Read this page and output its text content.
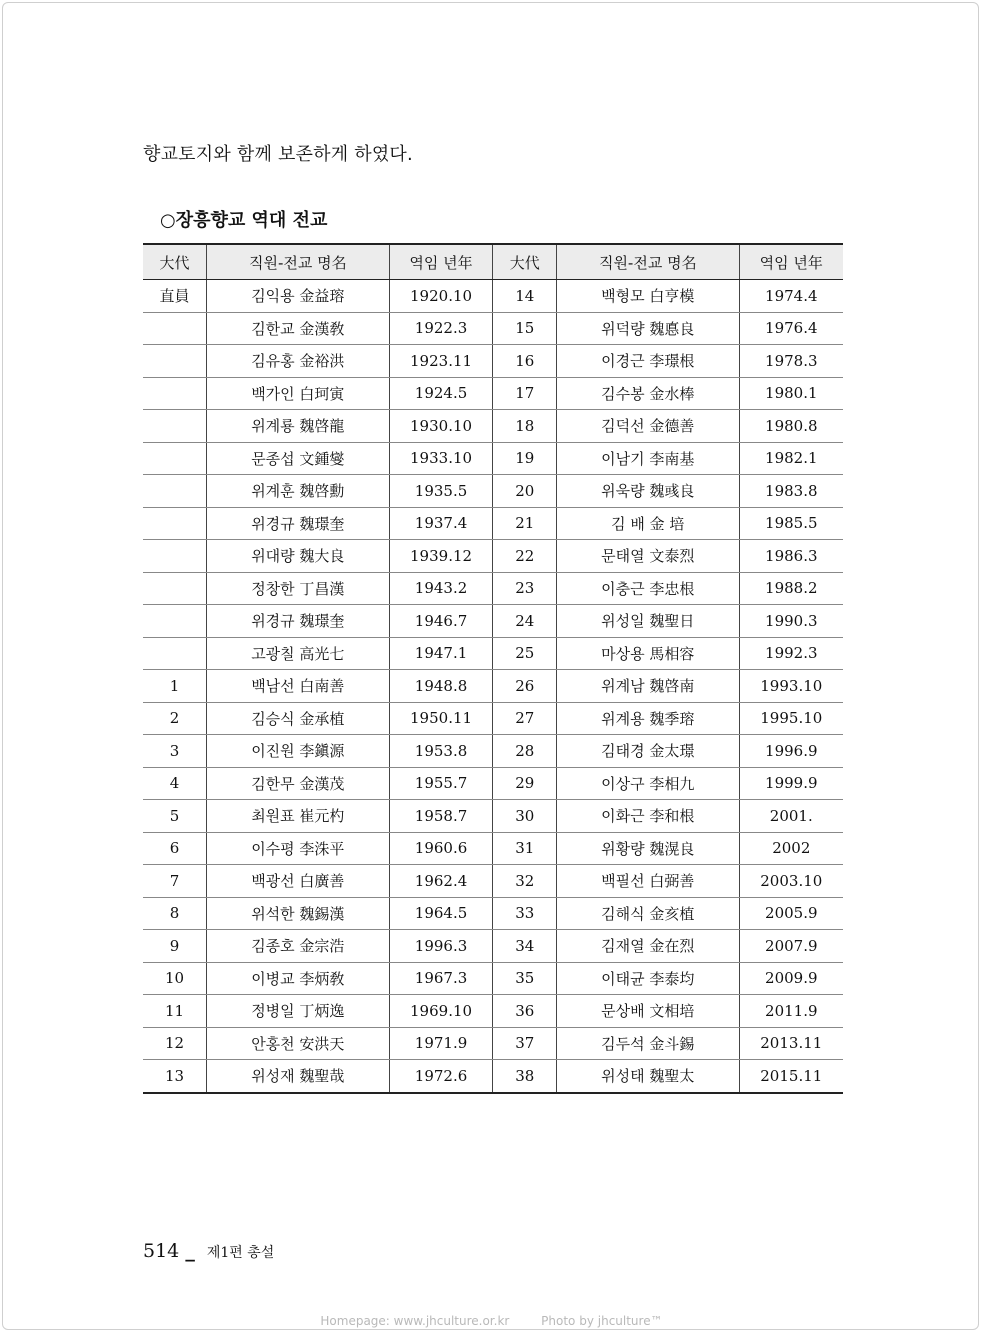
향교토지와 함께 보존하게 하였다.
○장흥향교 역대 전교
大代	직원-전교 명名	역임 년年	大代	직원-전교 명名	역임 년年
直員	김익용 金益瑢	1920.10	14	백형모 白亨模	1974.4
	김한교 金漢敎	1922.3	15	위덕량 魏悳良	1976.4
	김유홍 金裕洪	1923.11	16	이경근 李璟根	1978.3
	백가인 白珂寅	1924.5	17	김수봉 金水棒	1980.1
	위계룡 魏啓龍	1930.10	18	김덕선 金德善	1980.8
	문종섭 文鍾燮	1933.10	19	이남기 李南基	1982.1
	위계훈 魏啓勳	1935.5	20	위욱량 魏彧良	1983.8
	위경규 魏璟奎	1937.4	21	김 배 金 培	1985.5
	위대량 魏大良	1939.12	22	문태열 文泰烈	1986.3
	정창한 丁昌漢	1943.2	23	이충근 李忠根	1988.2
	위경규 魏璟奎	1946.7	24	위성일 魏聖日	1990.3
	고광칠 高光七	1947.1	25	마상용 馬相容	1992.3
1	백남선 白南善	1948.8	26	위계남 魏啓南	1993.10
2	김승식 金承植	1950.11	27	위계용 魏季瑢	1995.10
3	이진원 李鎭源	1953.8	28	김태경 金太璟	1996.9
4	김한무 金漢茂	1955.7	29	이상구 李相九	1999.9
5	최원표 崔元杓	1958.7	30	이화근 李和根	2001.
6	이수평 李洙平	1960.6	31	위황량 魏滉良	2002
7	백광선 白廣善	1962.4	32	백필선 白弼善	2003.10
8	위석한 魏錫漢	1964.5	33	김해식 金亥植	2005.9
9	김종호 金宗浩	1996.3	34	김재열 金在烈	2007.9
10	이병교 李炳敎	1967.3	35	이태균 李泰均	2009.9
11	정병일 丁炳逸	1969.10	36	문상배 文相培	2011.9
12	안홍천 安洪天	1971.9	37	김두석 金斗錫	2013.11
13	위성재 魏聖哉	1972.6	38	위성태 魏聖太	2015.11
514 _ 제1편 총설
Homepage: www.jhculture.or.kr	Photo by jhculture™
